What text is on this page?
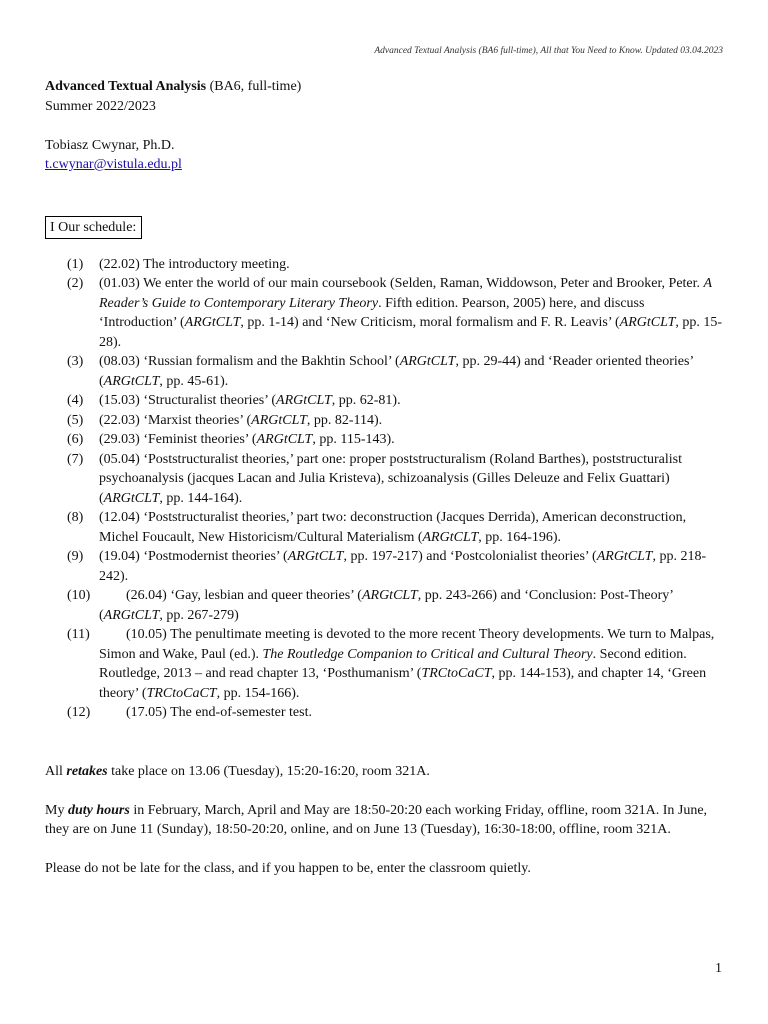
Advanced Textual Analysis (BA6 full-time), All that You Need to Know. Updated 03.04.2023
Advanced Textual Analysis (BA6, full-time)
Summer 2022/2023
Tobiasz Cwynar, Ph.D.
t.cwynar@vistula.edu.pl
I Our schedule:
(1) (22.02) The introductory meeting.
(2) (01.03) We enter the world of our main coursebook (Selden, Raman, Widdowson, Peter and Brooker, Peter. A Reader’s Guide to Contemporary Literary Theory. Fifth edition. Pearson, 2005) here, and discuss ‘Introduction’ (ARGtCLT, pp. 1-14) and ‘New Criticism, moral formalism and F. R. Leavis’ (ARGtCLT, pp. 15-28).
(3) (08.03) ‘Russian formalism and the Bakhtin School’ (ARGtCLT, pp. 29-44) and ‘Reader oriented theories’ (ARGtCLT, pp. 45-61).
(4) (15.03) ‘Structuralist theories’ (ARGtCLT, pp. 62-81).
(5) (22.03) ‘Marxist theories’ (ARGtCLT, pp. 82-114).
(6) (29.03) ‘Feminist theories’ (ARGtCLT, pp. 115-143).
(7) (05.04) ‘Poststructuralist theories,’ part one: proper poststructuralism (Roland Barthes), poststructuralist psychoanalysis (jacques Lacan and Julia Kristeva), schizoanalysis (Gilles Deleuze and Felix Guattari) (ARGtCLT, pp. 144-164).
(8) (12.04) ‘Poststructuralist theories,’ part two: deconstruction (Jacques Derrida), American deconstruction, Michel Foucault, New Historicism/Cultural Materialism (ARGtCLT, pp. 164-196).
(9) (19.04) ‘Postmodernist theories’ (ARGtCLT, pp. 197-217) and ‘Postcolonialist theories’ (ARGtCLT, pp. 218-242).
(10)	(26.04) ‘Gay, lesbian and queer theories’ (ARGtCLT, pp. 243-266) and ‘Conclusion: Post-Theory’ (ARGtCLT, pp. 267-279)
(11)	(10.05) The penultimate meeting is devoted to the more recent Theory developments. We turn to Malpas, Simon and Wake, Paul (ed.). The Routledge Companion to Critical and Cultural Theory. Second edition. Routledge, 2013 – and read chapter 13, ‘Posthumanism’ (TRCtoCaCT, pp. 144-153), and chapter 14, ‘Green theory’ (TRCtoCaCT, pp. 154-166).
(12)	(17.05) The end-of-semester test.
All retakes take place on 13.06 (Tuesday), 15:20-16:20, room 321A.
My duty hours in February, March, April and May are 18:50-20:20 each working Friday, offline, room 321A. In June, they are on June 11 (Sunday), 18:50-20:20, online, and on June 13 (Tuesday), 16:30-18:00, offline, room 321A.
Please do not be late for the class, and if you happen to be, enter the classroom quietly.
1
